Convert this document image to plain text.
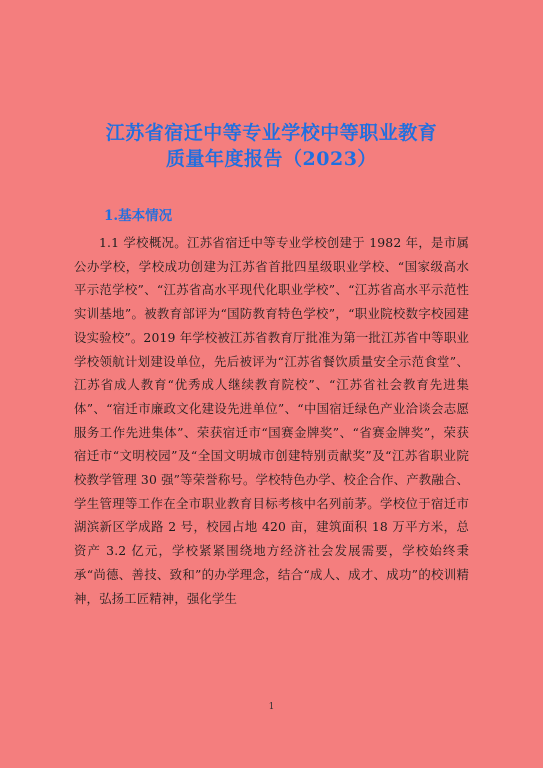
江苏省宿迁中等专业学校中等职业教育
质量年度报告（2023）
1.基本情况
1.1 学校概况。江苏省宿迁中等专业学校创建于 1982 年，是市属公办学校，学校成功创建为江苏省首批四星级职业学校、“国家级高水平示范学校”、“江苏省高水平现代化职业学校”、“江苏省高水平示范性实训基地”。被教育部评为“国防教育特色学校”，“职业院校数字校园建设实验校”。2019 年学校被江苏省教育厅批准为第一批江苏省中等职业学校领航计划建设单位，先后被评为“江苏省餐饮质量安全示范食堂”、江苏省成人教育“优秀成人继续教育院校”、“江苏省社会教育先进集体”、“宿迁市廉政文化建设先进单位”、“中国宿迁绿色产业洽谈会志愿服务工作先进集体”、荣获宿迁市“国赛金牌奖”、“省赛金牌奖”，荣获宿迁市“文明校园”及“全国文明城市创建特别贡献奖”及“江苏省职业院校教学管理 30 强”等荣誉称号。学校特色办学、校企合作、产教融合、学生管理等工作在全市职业教育目标考核中名列前茅。学校位于宿迁市湖滨新区学成路 2 号，校园占地 420 亩，建筑面积 18 万平方米，总资产 3.2 亿元，学校紧紧围绕地方经济社会发展需要，学校始终秉承“尚德、善技、致和”的办学理念，结合“成人、成才、成功”的校训精神，弘扬工匠精神，强化学生
1
